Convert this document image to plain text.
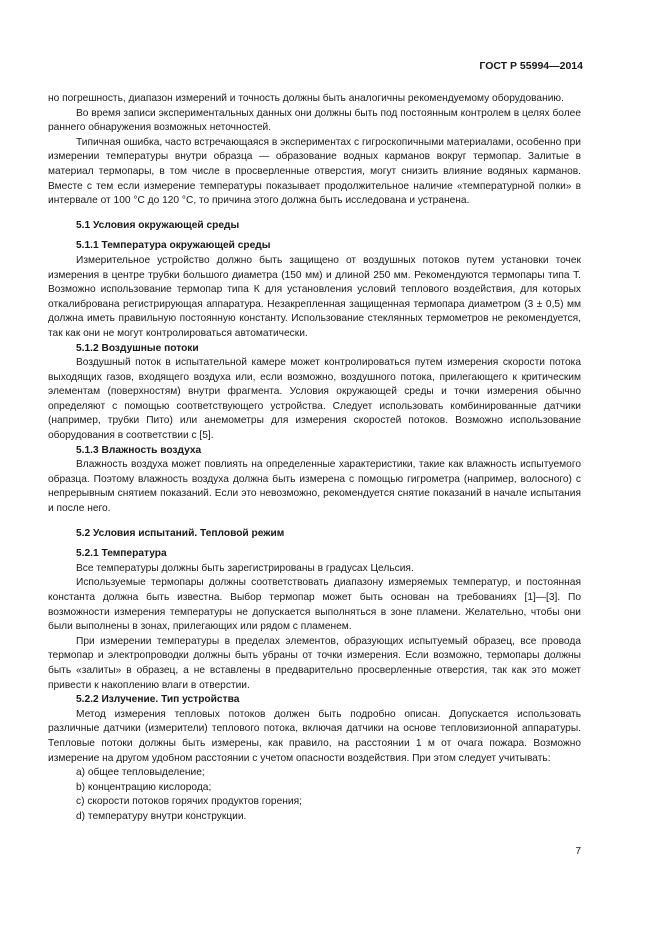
ГОСТ Р 55994—2014

но погрешность, диапазон измерений и точность должны быть аналогичны рекомендуемому оборудованию.

Во время записи экспериментальных данных они должны быть под постоянным контролем в целях более раннего обнаружения возможных неточностей.

Типичная ошибка, часто встречающаяся в экспериментах с гигроскопичными материалами, особенно при измерении температуры внутри образца — образование водных карманов вокруг термопар. Залитые в материал термопары, в том числе в просверленные отверстия, могут снизить влияние водяных карманов. Вместе с тем если измерение температуры показывает продолжительное наличие «температурной полки» в интервале от 100 °С до 120 °С, то причина этого должна быть исследована и устранена.

5.1 Условия окружающей среды

5.1.1 Температура окружающей среды

Измерительное устройство должно быть защищено от воздушных потоков путем установки точек измерения в центре трубки большого диаметра (150 мм) и длиной 250 мм. Рекомендуются термопары типа Т. Возможно использование термопар типа К для установления условий теплового воздействия, для которых откалибрована регистрирующая аппаратура. Незакрепленная защищенная термопара диаметром (3 ± 0,5) мм должна иметь правильную постоянную константу. Использование стеклянных термометров не рекомендуется, так как они не могут контролироваться автоматически.

5.1.2 Воздушные потоки

Воздушный поток в испытательной камере может контролироваться путем измерения скорости потока выходящих газов, входящего воздуха или, если возможно, воздушного потока, прилегающего к критическим элементам (поверхностям) внутри фрагмента. Условия окружающей среды и точки измерения обычно определяют с помощью соответствующего устройства. Следует использовать комбинированные датчики (например, трубки Пито) или анемометры для измерения скоростей потоков. Возможно использование оборудования в соответствии с [5].

5.1.3 Влажность воздуха

Влажность воздуха может повлиять на определенные характеристики, такие как влажность испытуемого образца. Поэтому влажность воздуха должна быть измерена с помощью гигрометра (например, волосного) с непрерывным снятием показаний. Если это невозможно, рекомендуется снятие показаний в начале испытания и после него.

5.2 Условия испытаний. Тепловой режим

5.2.1 Температура

Все температуры должны быть зарегистрированы в градусах Цельсия.

Используемые термопары должны соответствовать диапазону измеряемых температур, и постоянная константа должна быть известна. Выбор термопар может быть основан на требованиях [1]—[3]. По возможности измерения температуры не допускается выполняться в зоне пламени. Желательно, чтобы они были выполнены в зонах, прилегающих или рядом с пламенем.

При измерении температуры в пределах элементов, образующих испытуемый образец, все провода термопар и электропроводки должны быть убраны от точки измерения. Если возможно, термопары должны быть «залиты» в образец, а не вставлены в предварительно просверленные отверстия, так как это может привести к накоплению влаги в отверстии.

5.2.2 Излучение. Тип устройства

Метод измерения тепловых потоков должен быть подробно описан. Допускается использовать различные датчики (измерители) теплового потока, включая датчики на основе тепловизионной аппаратуры. Тепловые потоки должны быть измерены, как правило, на расстоянии 1 м от очага пожара. Возможно измерение на другом удобном расстоянии с учетом опасности воздействия. При этом следует учитывать:

а) общее тепловыделение;

b) концентрацию кислорода;

c) скорости потоков горячих продуктов горения;

d) температуру внутри конструкции.

7
